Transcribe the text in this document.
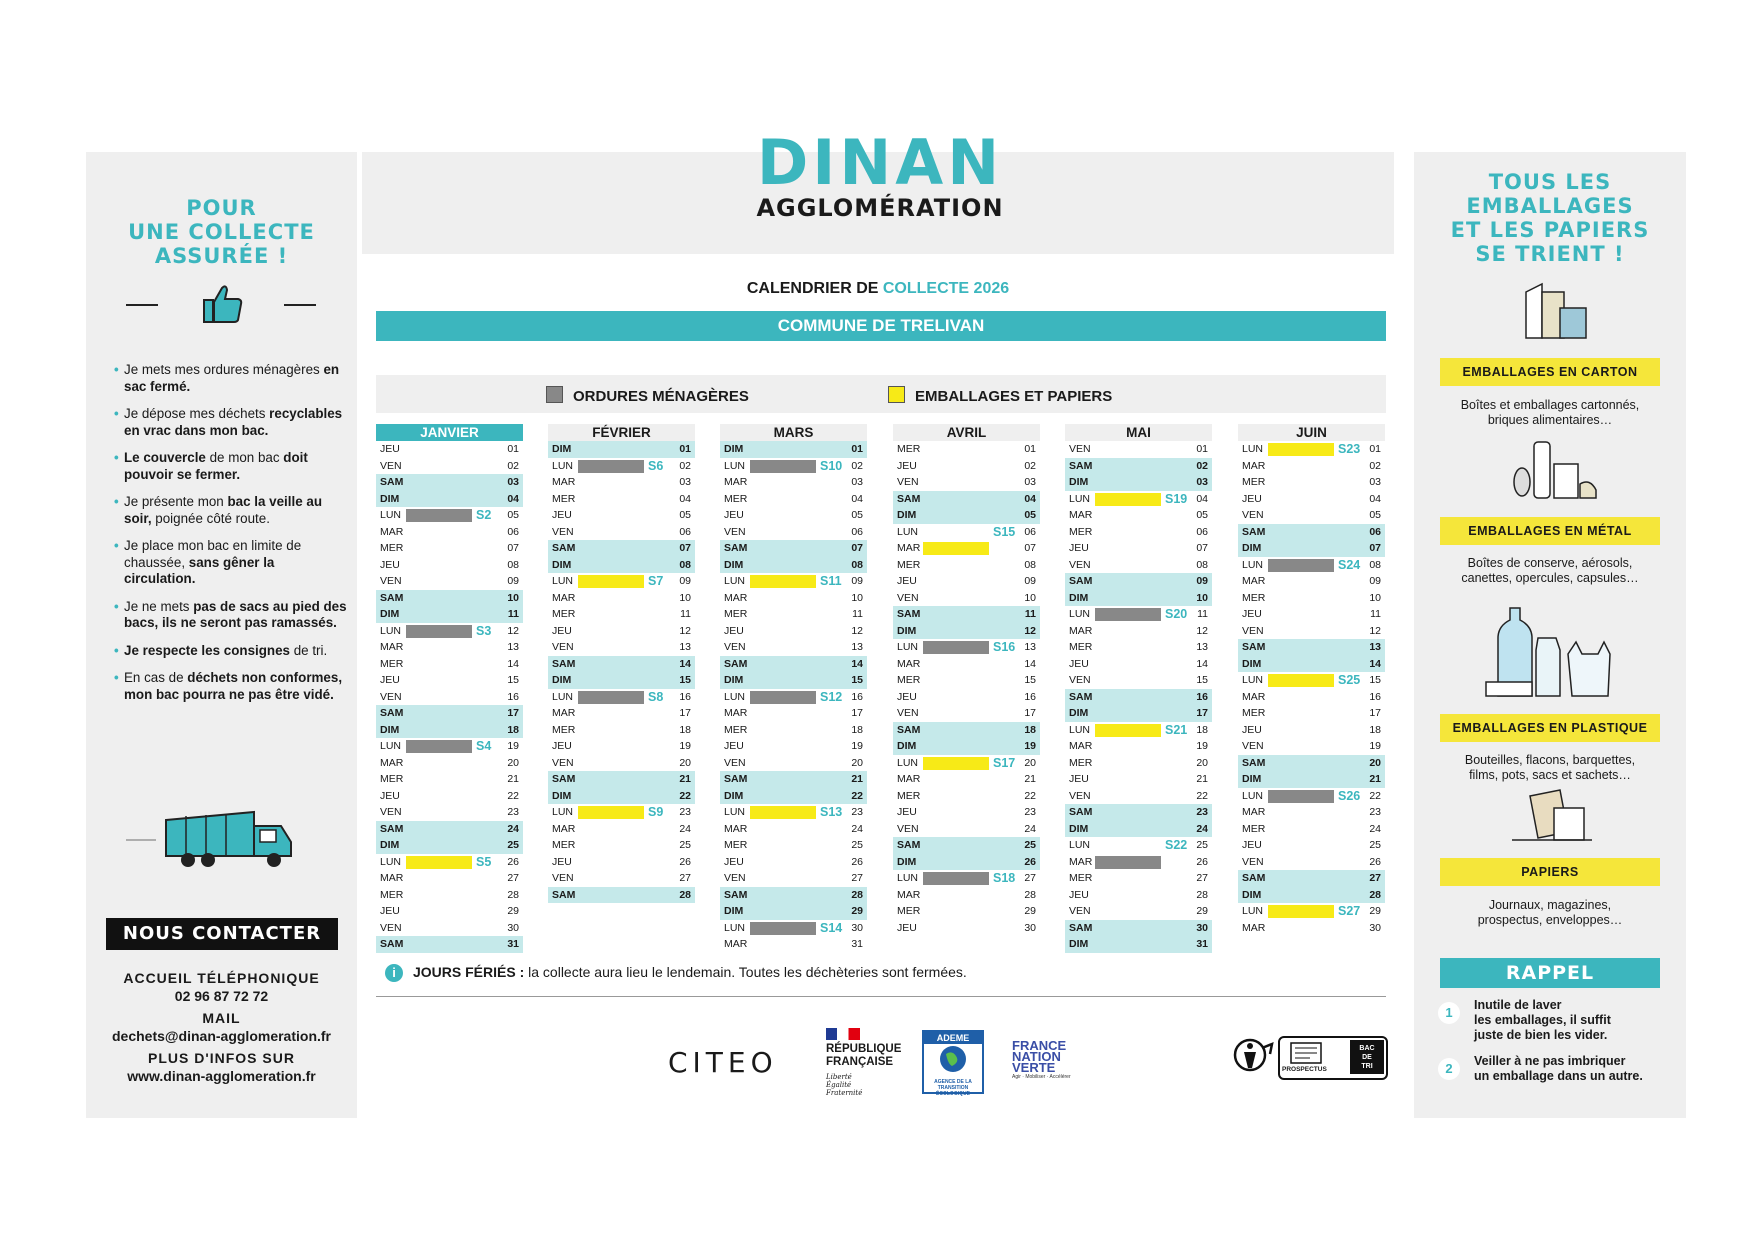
POUR
UNE COLLECTE
ASSURÉE !
• Je mets mes ordures ménagères en sac fermé.
• Je dépose mes déchets recyclables en vrac dans mon bac.
• Le couvercle de mon bac doit pouvoir se fermer.
• Je présente mon bac la veille au soir, poignée côté route.
• Je place mon bac en limite de chaussée, sans gêner la circulation.
• Je ne mets pas de sacs au pied des bacs, ils ne seront pas ramassés.
• Je respecte les consignes de tri.
• En cas de déchets non conformes, mon bac pourra ne pas être vidé.
NOUS CONTACTER
ACCUEIL TÉLÉPHONIQUE
02 96 87 72 72
MAIL
dechets@dinan-agglomeration.fr
PLUS D'INFOS SUR
www.dinan-agglomeration.fr
DINAN
AGGLOMÉRATION
CALENDRIER DE COLLECTE 2026
COMMUNE DE TRELIVAN
ORDURES MÉNAGÈRES	EMBALLAGES ET PAPIERS
JANVIER
JEU	01
VEN	02
SAM	03
DIM	04
LUN	S2 05
MAR	06
MER	07
JEU	08
VEN	09
SAM	10
DIM	11
LUN	S3 12
MAR	13
MER	14
JEU	15
VEN	16
SAM	17
DIM	18
LUN	S4 19
MAR	20
MER	21
JEU	22
VEN	23
SAM	24
DIM	25
LUN	S5 26
MAR	27
MER	28
JEU	29
VEN	30
SAM	31
FÉVRIER
DIM	01
LUN	S6 02
MAR	03
MER	04
JEU	05
VEN	06
SAM	07
DIM	08
LUN	S7 09
MAR	10
MER	11
JEU	12
VEN	13
SAM	14
DIM	15
LUN	S8 16
MAR	17
MER	18
JEU	19
VEN	20
SAM	21
DIM	22
LUN	S9 23
MAR	24
MER	25
JEU	26
VEN	27
SAM	28
MARS
DIM	01
LUN	S10 02
MAR	03
MER	04
JEU	05
VEN	06
SAM	07
DIM	08
LUN	S11 09
MAR	10
MER	11
JEU	12
VEN	13
SAM	14
DIM	15
LUN	S12 16
MAR	17
MER	18
JEU	19
VEN	20
SAM	21
DIM	22
LUN	S13 23
MAR	24
MER	25
JEU	26
VEN	27
SAM	28
DIM	29
LUN	S14 30
MAR	31
AVRIL
MER	01
JEU	02
VEN	03
SAM	04
DIM	05
LUN	S15 06
MAR	07
MER	08
JEU	09
VEN	10
SAM	11
DIM	12
LUN	S16 13
MAR	14
MER	15
JEU	16
VEN	17
SAM	18
DIM	19
LUN	S17 20
MAR	21
MER	22
JEU	23
VEN	24
SAM	25
DIM	26
LUN	S18 27
MAR	28
MER	29
JEU	30
MAI
VEN	01
SAM	02
DIM	03
LUN	S19 04
MAR	05
MER	06
JEU	07
VEN	08
SAM	09
DIM	10
LUN	S20 11
MAR	12
MER	13
JEU	14
VEN	15
SAM	16
DIM	17
LUN	S21 18
MAR	19
MER	20
JEU	21
VEN	22
SAM	23
DIM	24
LUN	S22 25
MAR	26
MER	27
JEU	28
VEN	29
SAM	30
DIM	31
JUIN
LUN	S23 01
MAR	02
MER	03
JEU	04
VEN	05
SAM	06
DIM	07
LUN	S24 08
MAR	09
MER	10
JEU	11
VEN	12
SAM	13
DIM	14
LUN	S25 15
MAR	16
MER	17
JEU	18
VEN	19
SAM	20
DIM	21
LUN	S26 22
MAR	23
MER	24
JEU	25
VEN	26
SAM	27
DIM	28
LUN	S27 29
MAR	30
i JOURS FÉRIÉS : la collecte aura lieu le lendemain. Toutes les déchèteries sont fermées.
CITEO	RÉPUBLIQUE
FRANÇAISE
Liberté
Égalité
Fraternité
ADEME
AGENCE DE LA TRANSITION ÉCOLOGIQUE
FRANCE
NATION
VERTE
Agir · Mobiliser · Accélérer
PROSPECTUS
BAC
DE
TRI
TOUS LES
EMBALLAGES
ET LES PAPIERS
SE TRIENT !
EMBALLAGES EN CARTON
Boîtes et emballages cartonnés,
briques alimentaires…
EMBALLAGES EN MÉTAL
Boîtes de conserve, aérosols,
canettes, opercules, capsules…
EMBALLAGES EN PLASTIQUE
Bouteilles, flacons, barquettes,
films, pots, sacs et sachets…
PAPIERS
Journaux, magazines,
prospectus, enveloppes…
RAPPEL
1	Inutile de laver
les emballages, il suffit
juste de bien les vider.
2	Veiller à ne pas imbriquer
un emballage dans un autre.
